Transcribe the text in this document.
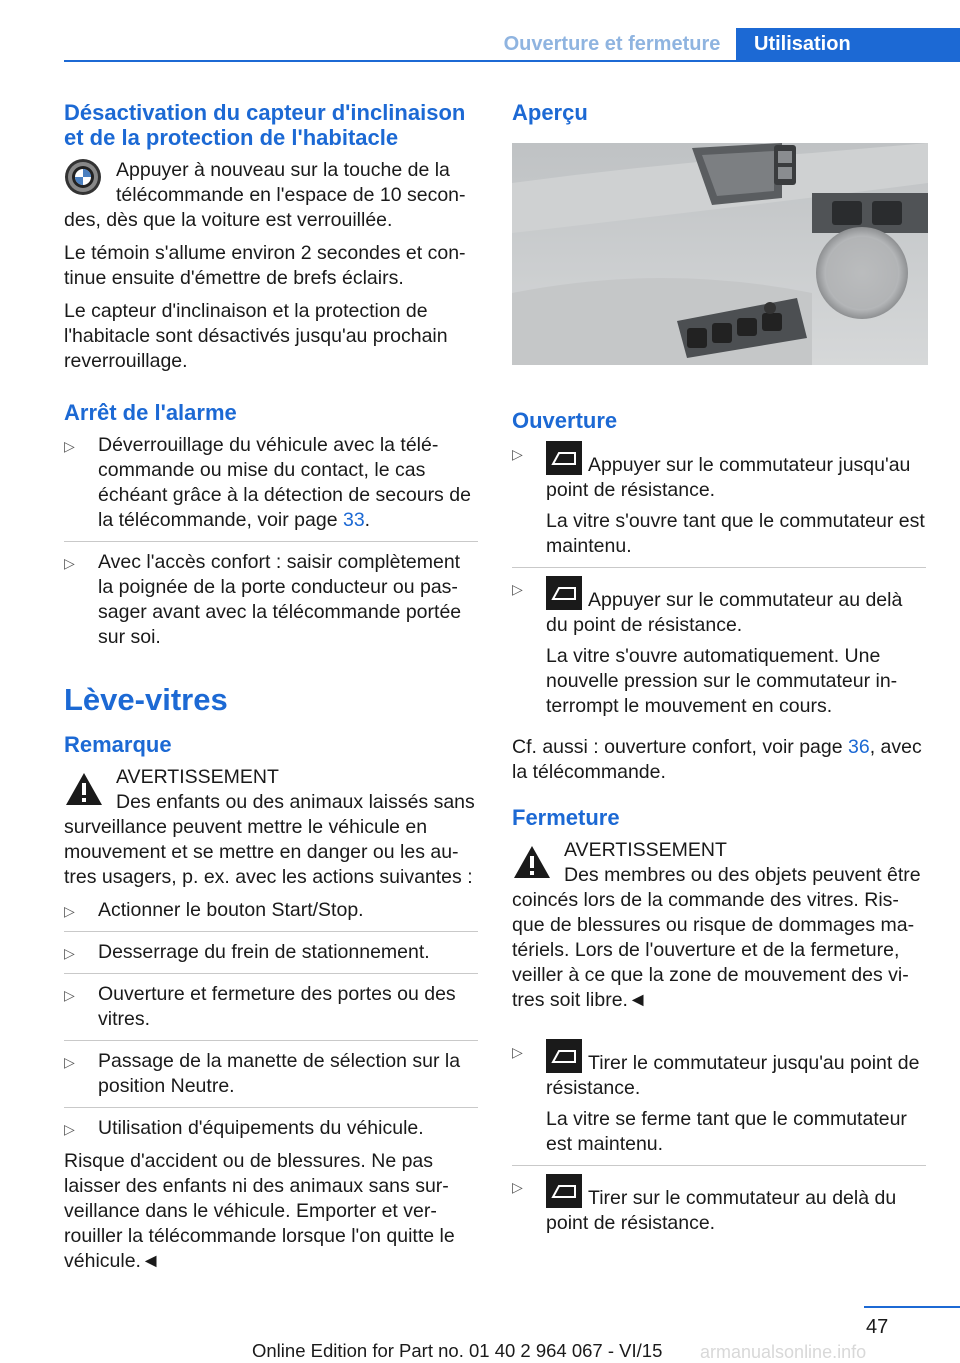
Ouverture et fermeture	Utilisation
Désactivation du capteur d'inclinaison et de la protection de l'habitacle
Appuyer à nouveau sur la touche de la télécommande en l'espace de 10 secon-des, dès que la voiture est verrouillée.

Le témoin s'allume environ 2 secondes et con-tinue ensuite d'émettre de brefs éclairs.

Le capteur d'inclinaison et la protection de l'habitacle sont désactivés jusqu'au prochain reverrouillage.

Arrêt de l'alarme
▷ Déverrouillage du véhicule avec la télé-commande ou mise du contact, le cas échéant grâce à la détection de secours de la télécommande, voir page 33.
▷ Avec l'accès confort : saisir complètement la poignée de la porte conducteur ou pas-sager avant avec la télécommande portée sur soi.
Lève-vitres
Remarque
AVERTISSEMENT
Des enfants ou des animaux laissés sans surveillance peuvent mettre le véhicule en mouvement et se mettre en danger ou les au-tres usagers, p. ex. avec les actions suivantes :
▷ Actionner le bouton Start/Stop.
▷ Desserrage du frein de stationnement.
▷ Ouverture et fermeture des portes ou des vitres.
▷ Passage de la manette de sélection sur la position Neutre.
▷ Utilisation d'équipements du véhicule.

Risque d'accident ou de blessures. Ne pas laisser des enfants ni des animaux sans sur-veillance dans le véhicule. Emporter et ver-rouiller la télécommande lorsque l'on quitte le véhicule.◄

Aperçu
Ouverture
▷	Appuyer sur le commutateur jusqu'au point de résistance.
La vitre s'ouvre tant que le commutateur est maintenu.
▷	Appuyer sur le commutateur au delà du point de résistance.
La vitre s'ouvre automatiquement. Une nouvelle pression sur le commutateur in-terrompt le mouvement en cours.

Cf. aussi : ouverture confort, voir page 36, avec la télécommande.

Fermeture
AVERTISSEMENT
Des membres ou des objets peuvent être coincés lors de la commande des vitres. Ris-que de blessures ou risque de dommages ma-tériels. Lors de l'ouverture et de la fermeture, veiller à ce que la zone de mouvement des vi-tres soit libre.◄
▷	Tirer le commutateur jusqu'au point de résistance.
La vitre se ferme tant que le commutateur est maintenu.
▷	Tirer sur le commutateur au delà du point de résistance.
47
Online Edition for Part no. 01 40 2 964 067 - VI/15 armanualsonline.info
